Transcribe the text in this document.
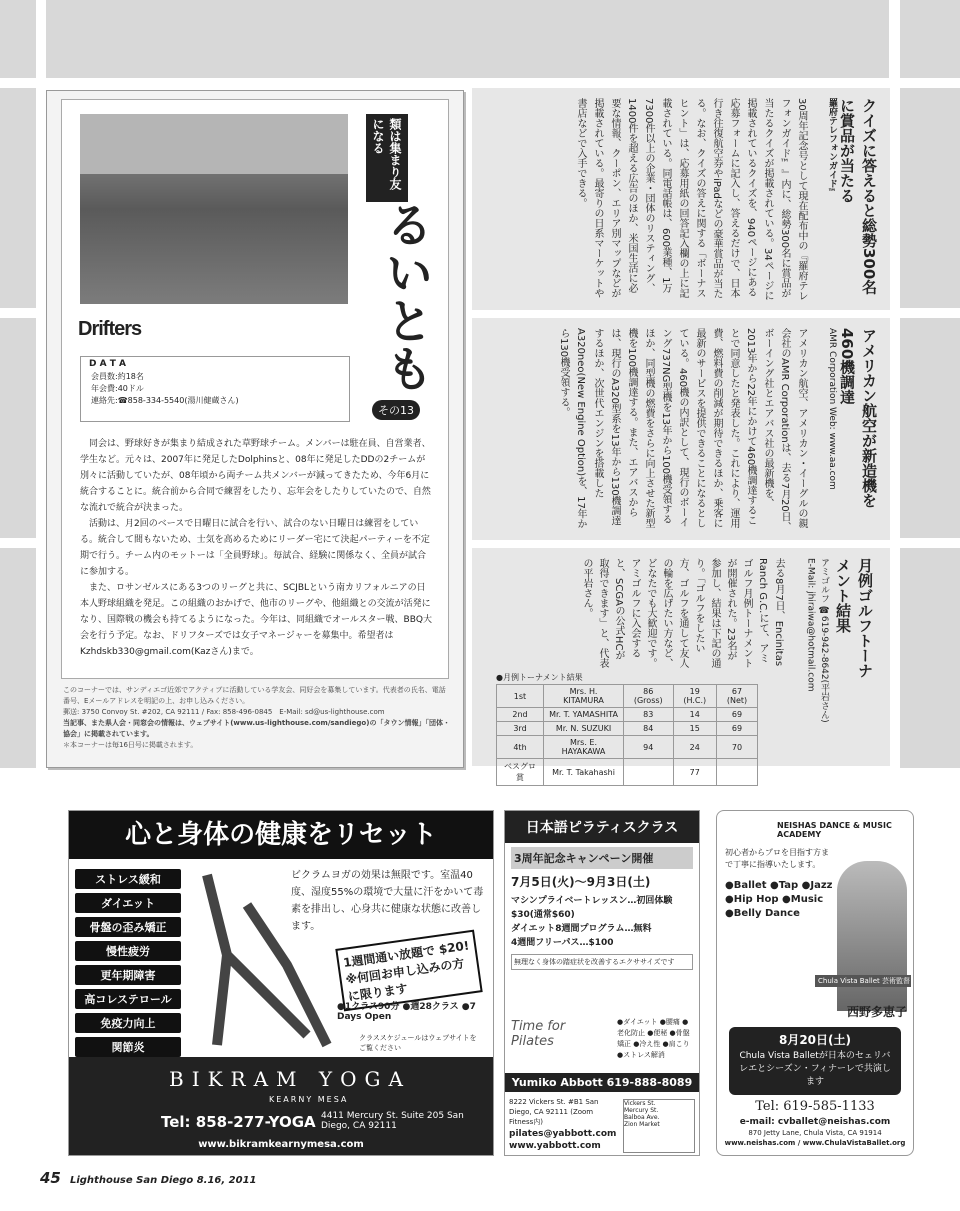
クイズに答えると総勢300名に賞品が当たる
羅府テレフォンガイド™
30周年記念号として現在配布中の『羅府テレフォンガイド™』内に、総勢300名に賞品が当たるクイズが掲載されている。34ページに掲載されているクイズを、940ページにある応募フォームに記入し、答えるだけで、日本行き往復航空券やiPadなどの豪華賞品が当たる。なお、クイズの答えに関する「ボーナスヒント」は、応募用紙の回答記入欄の上に記載されている。同電話帳は、600業種、1万7300件以上の企業・団体のリスティング、1400件を超える広告のほか、米国生活に必要な情報、クーポン、エリア別マップなどが掲載されている。最寄りの日系マーケットや書店などで入手できる。
アメリカン航空が新造機を460機調達
AMR Corporation Web: www.aa.com
アメリカン航空、アメリカン・イーグルの親会社のAMR Corporationは、去る7月20日、ボーイング社とエアバス社の最新機を、2013年から22年にかけて460機調達することで同意したと発表した。これにより、運用費、燃料費の削減が期待できるほか、乗客に最新のサービスを提供できることになるとしている。460機の内訳として、現行のボーイング737NG型機を13年から100機受領するほか、同型機の燃費をさらに向上させた新型機を100機調達する。また、エアバスからは、現行のA320型系を13年から130機調達するほか、次世代エンジンを搭載したA320neo(New Engine Option)を、17年から130機受領する。
月例ゴルフトーナメント結果
アミゴルフ ☎619-942-8642(平岩さん) E-Mail: jhiraiwa@hotmail.com
去る8月7日、Encinitas Ranch G.C.にて、アミゴルフ月例トーナメントが開催された。23名が参加し、結果は下記の通り。「ゴルフをしたい方、ゴルフを通して友人の輪を広げたい方など、どなたでも大歓迎です。アミゴルフに入会すると、SCGAの公式HCが取得できます」と、代表の平岩さん。
●月例トーナメント結果
1st	Mrs. H. KITAMURA	86 (Gross)	19 (H.C.)	67 (Net)
2nd	Mr. T. YAMASHITA	83	14	69
3rd	Mr. N. SUZUKI	84	15	69
4th	Mrs. E. HAYAKAWA	94	24	70
ベスグロ賞	Mr. T. Takahashi		77	
類は集まり友になる
るいとも
その13
Drifters
D A T A
会員数:約18名
年会費:40ドル
連絡先:☎858-334-5540(湯川健蔵さん)

同会は、野球好きが集まり結成された草野球チーム。メンバーは駐在員、自営業者、学生など。元々は、2007年に発足したDolphinsと、08年に発足したDDの2チームが別々に活動していたが、08年頃から両チーム共メンバーが減ってきたため、今年6月に統合することに。統合前から合同で練習をしたり、忘年会をしたりしていたので、自然な流れで統合が決まった。

活動は、月2回のベースで日曜日に試合を行い、試合のない日曜日は練習をしている。統合して間もないため、士気を高めるためにリーダー宅にて決起パーティーを不定期で行う。チーム内のモットーは「全員野球」。毎試合、経験に関係なく、全員が試合に参加する。

また、ロサンゼルスにある3つのリーグと共に、SCJBLという南カリフォルニアの日本人野球組織を発足。この組織のおかげで、他市のリーグや、他組織との交流が活発になり、国際戦の機会も持てるようになった。今年は、同組織でオールスター戦、BBQ大会を行う予定。なお、ドリフターズでは女子マネージャーを募集中。希望者はKzhdskb330@gmail.com(Kazさん)まで。

このコーナーでは、サンディエゴ近郊でアクティブに活動している学友会、同好会を募集しています。代表者の氏名、電話番号、Eメールアドレスを明記の上、お申し込みください。
郵送: 3750 Convoy St. #202, CA 92111 / Fax: 858-496-0845　E-Mail: sd@us-lighthouse.com
当記事、また県人会・同窓会の情報は、ウェブサイト(www.us-lighthouse.com/sandiego)の「タウン情報」「団体・協会」に掲載されています。
＊本コーナーは毎16日号に掲載されます。
心と身体の健康をリセット
ストレス緩和
ダイエット
骨盤の歪み矯正
慢性疲労
更年期障害
高コレステロール
免疫力向上
関節炎
ビクラムヨガの効果は無限です。室温40度、湿度55%の環境で大量に汗をかいて毒素を排出し、心身共に健康な状態に改善します。
1週間通い放題で $20! ※何回お申し込みの方に限ります
●1クラス90分 ●週28クラス ●7 Days Open
クラススケジュールはウェブサイトをご覧ください
BIKRAM YOGA
KEARNY MESA
Tel: 858-277-YOGA 4411 Mercury St. Suite 205 San Diego, CA 92111
www.bikramkearnymesa.com
日本語ピラティスクラス
3周年記念キャンペーン開催
7月5日(火)〜9月3日(土)
マシンプライベートレッスン…初回体験$30(通常$60)
ダイエット8週間プログラム…無料
4週間フリーパス…$100
無理なく身体の踏症状を改善するエクササイズです
Time for Pilates
●ダイエット ●腰痛 ●老化防止 ●便秘 ●骨盤矯正 ●冷え性 ●肩こり ●ストレス解消
Yumiko Abbott 619-888-8089
8222 Vickers St. #B1 San Diego, CA 92111 (Zoom Fitness内)
pilates@yabbott.com
www.yabbott.com
Vickers St.
Mercury St.
Balboa Ave.
Zion Market
NEISHAS DANCE & MUSIC ACADEMY
初心者からプロを目指す方まで丁寧に指導いたします。
●Ballet ●Tap ●Jazz
●Hip Hop ●Music
●Belly Dance
Chula Vista Ballet 芸術監督
西野多恵子
8月20日(土)
Chula Vista Balletが日本のセェリバレエとシーズン・フィナーレで共演します
Tel: 619-585-1133
e-mail: cvballet@neishas.com
870 Jetty Lane, Chula Vista, CA 91914
www.neishas.com / www.ChulaVistaBallet.org
45 Lighthouse San Diego 8.16, 2011
